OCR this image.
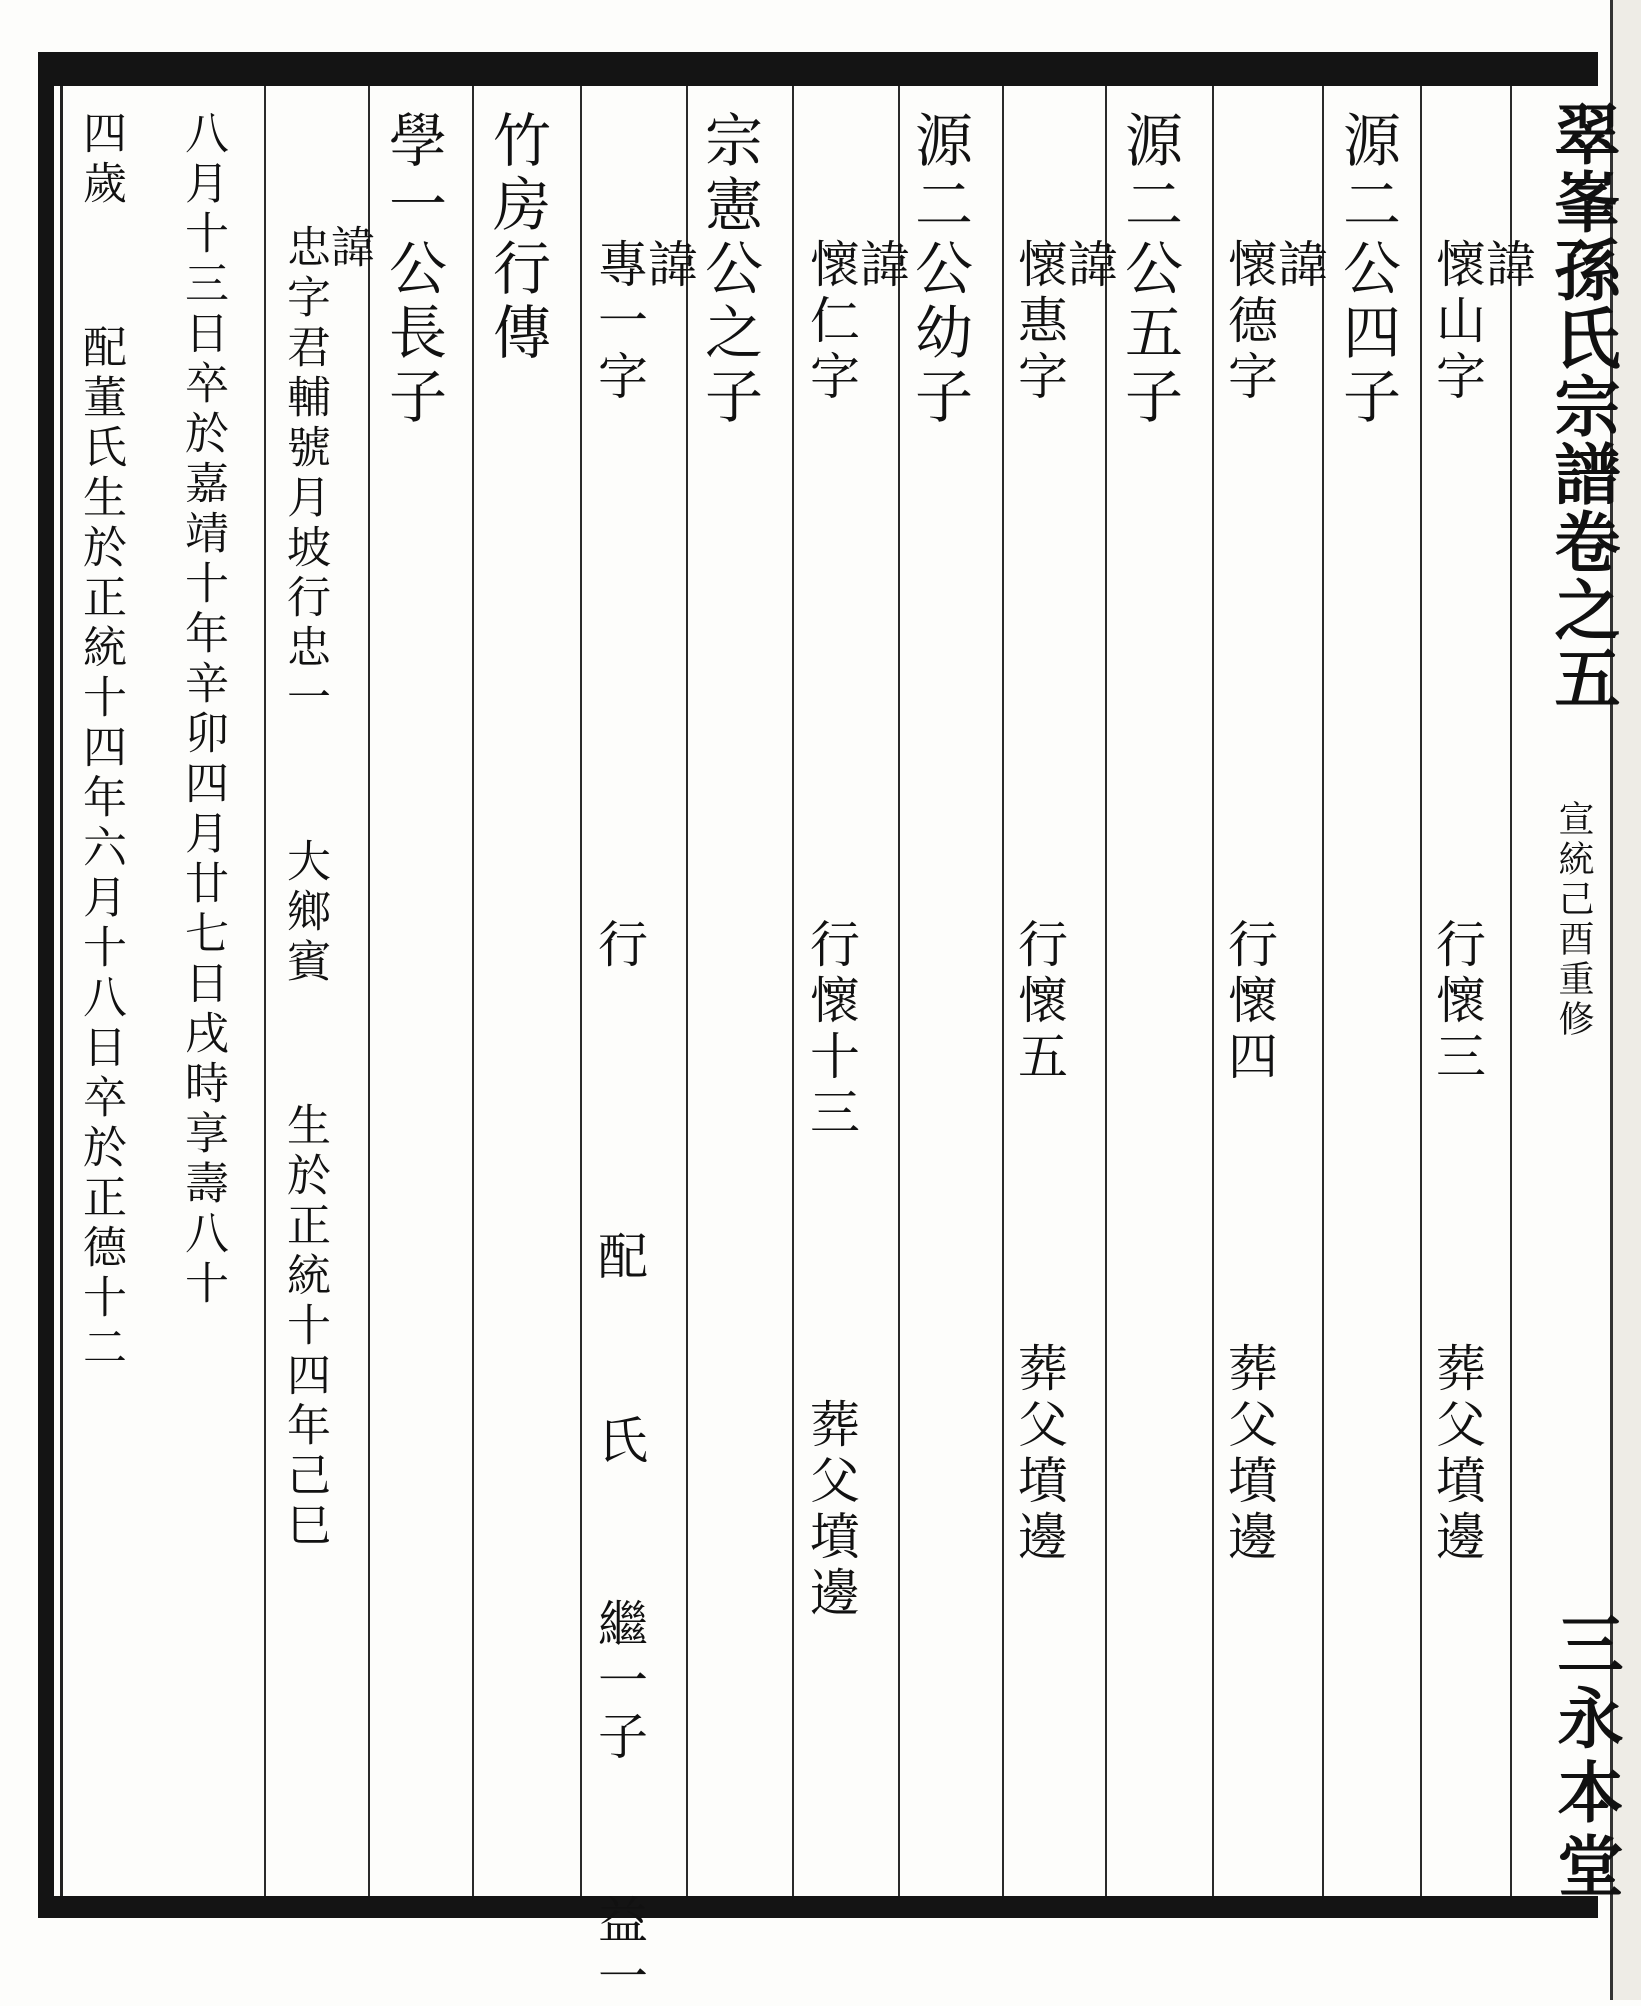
翠峯孫氏宗譜卷之五
宣統己酉重修
三永本堂
諱
懷山字        行懷三    葬父墳邊
源二公四子
諱
懷德字        行懷四    葬父墳邊
源二公五子
諱
懷惠字        行懷五    葬父墳邊
源二公幼子
諱
懷仁字        行懷十三    葬父墳邊
宗憲公之子
諱
專一字        行    配  氏  繼一子  益一
竹房行傳
學一公長子
諱
忠字君輔號月坡行忠一  大鄉賓  生於正統十四年己巳
八月十三日卒於嘉靖十年辛卯四月廿七日戌時享壽八十
四歲  配董氏生於正統十四年六月十八日卒於正德十二
